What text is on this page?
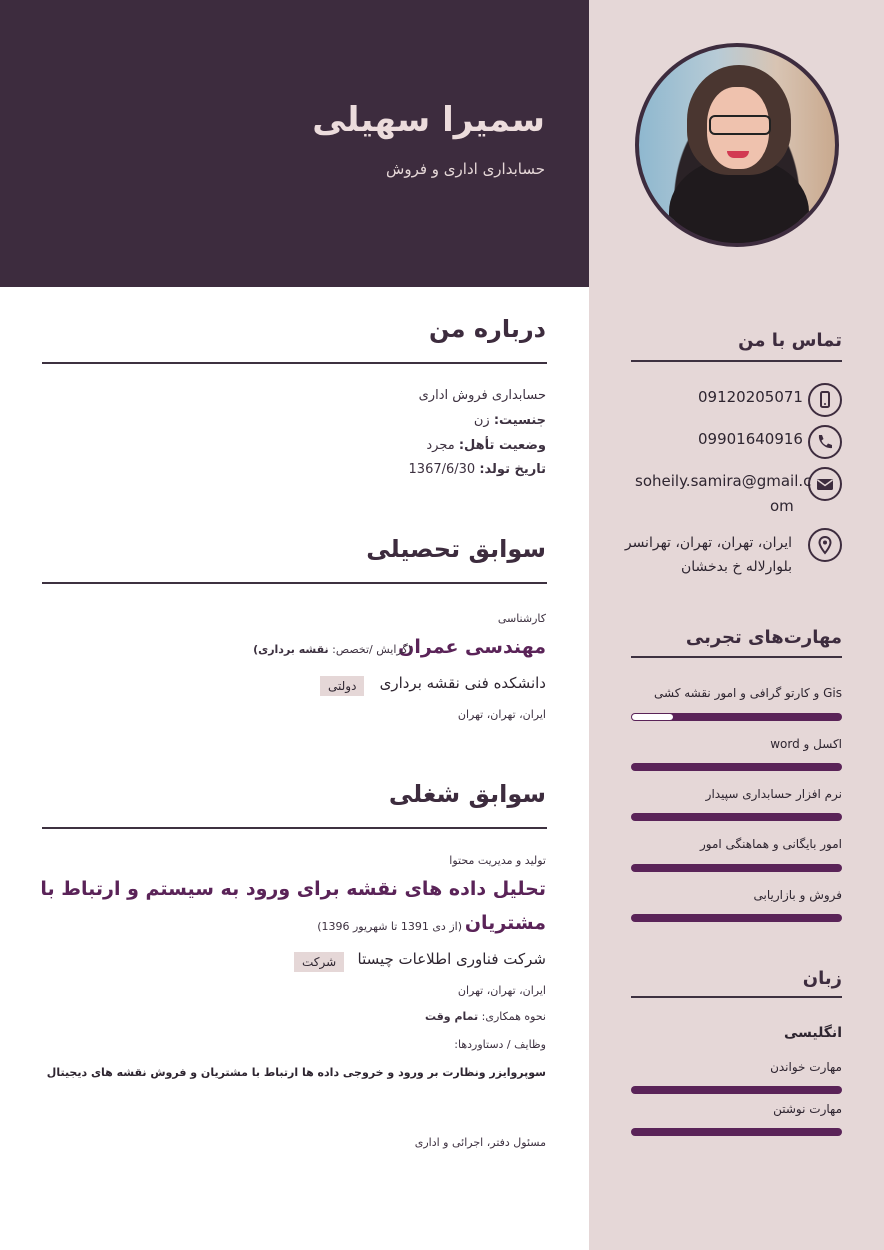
سمیرا سهیلی
حسابداری اداری و فروش
تماس با من
09120205071
09901640916
soheily.samira@gmail.c
om
ایران، تهران، تهران، تهرانسر
بلوارلاله خ بدخشان
مهارت‌های تجربی
Gis و کارتو گرافی و امور نقشه کشی
اکسل و word
نرم افزار حسابداری سپیدار
امور بایگانی و هماهنگی امور
فروش و بازاریابی
زبان
انگلیسی
مهارت خواندن
مهارت نوشتن
درباره من
حسابداری فروش اداری
جنسیت: زن
وضعیت تأهل: مجرد
تاریخ تولد: 1367/6/30
سوابق تحصیلی
کارشناسی
مهندسی عمران
(گرایش /تخصص: نقشه برداری)
دانشکده فنی نقشه برداری
دولتی
ایران، تهران، تهران
سوابق شغلی
تولید و مدیریت محتوا
تحلیل داده های نقشه برای ورود به سیستم و ارتباط با
مشتریان
(از دی 1391 تا شهریور 1396)
شرکت فناوری اطلاعات چیستا
شرکت
ایران، تهران، تهران
نحوه همکاری: تمام وقت
وظایف / دستاوردها:
سوپروایزر ونظارت بر ورود و خروجی داده ها ارتباط با مشتریان و فروش نقشه های دیجیتال
مسئول دفتر، اجرائی و اداری
